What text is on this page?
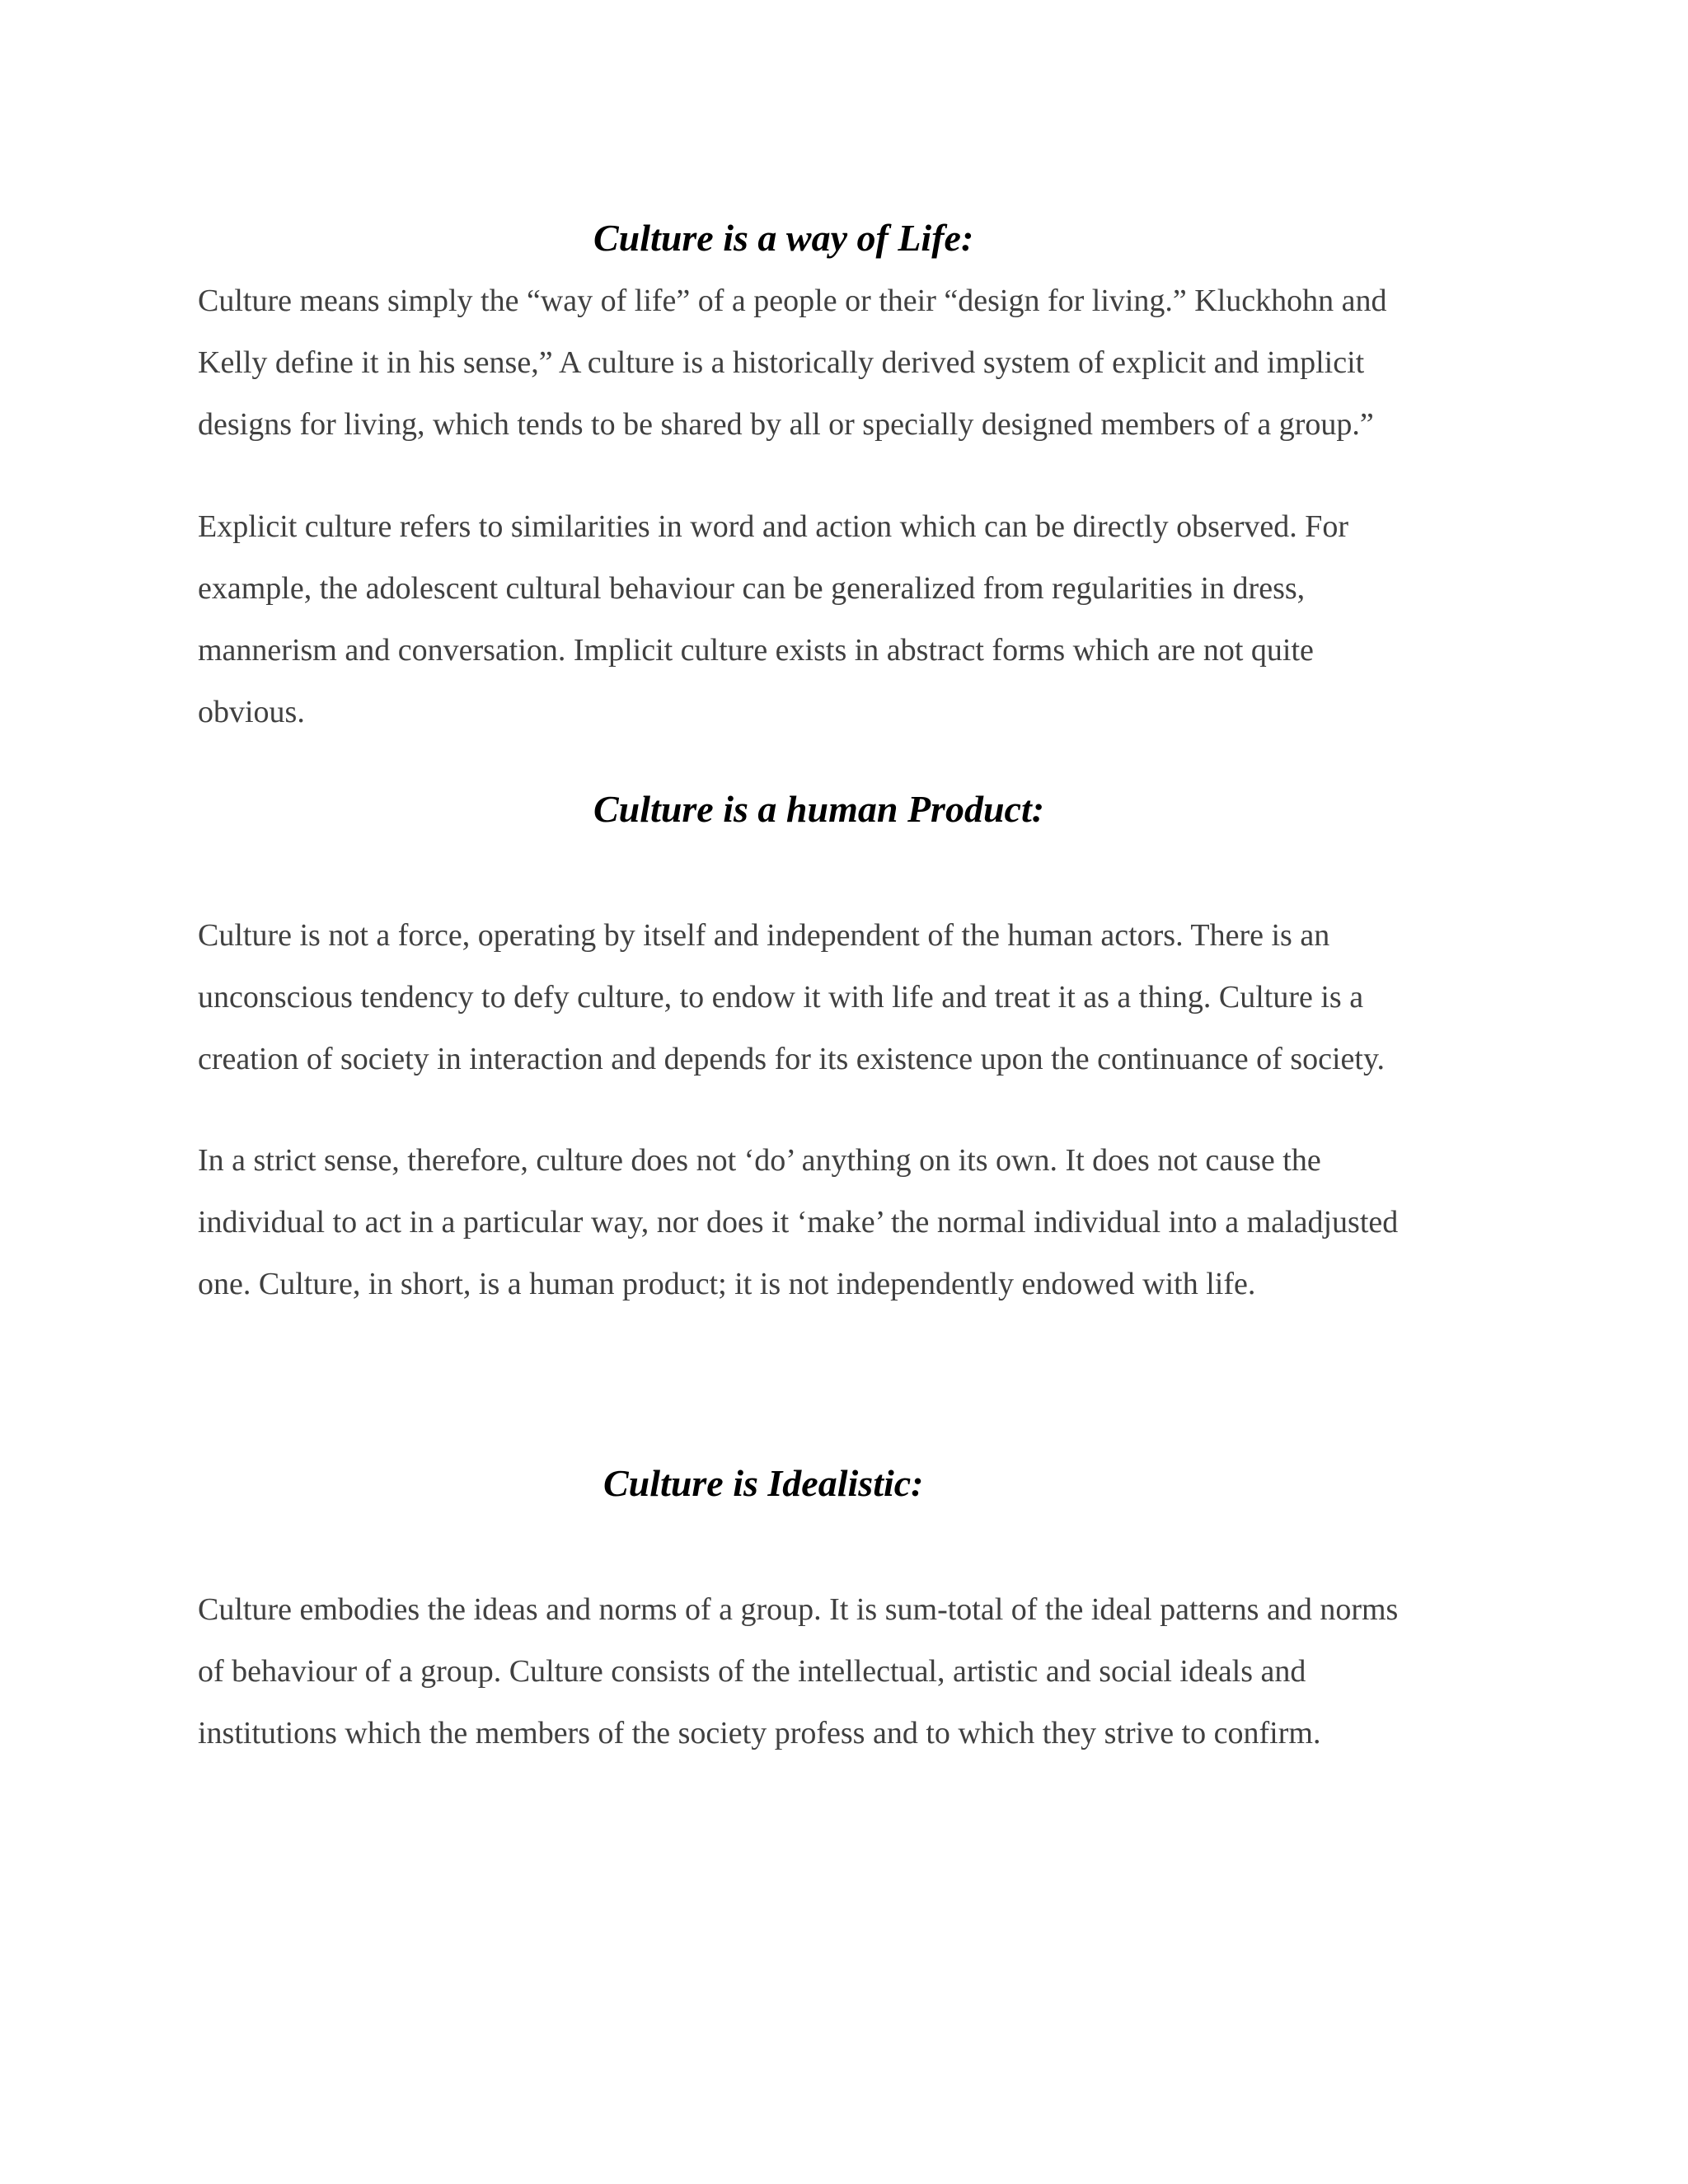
Culture is a way of Life:

Culture means simply the “way of life” of a people or their “design for living.” Kluckhohn and
Kelly define it in his sense,” A culture is a historically derived system of explicit and implicit
designs for living, which tends to be shared by all or specially designed members of a group.”

Explicit culture refers to similarities in word and action which can be directly observed. For
example, the adolescent cultural behaviour can be generalized from regularities in dress,
mannerism and conversation. Implicit culture exists in abstract forms which are not quite
obvious.

Culture is a human Product:

Culture is not a force, operating by itself and independent of the human actors. There is an
unconscious tendency to defy culture, to endow it with life and treat it as a thing. Culture is a
creation of society in interaction and depends for its existence upon the continuance of society.

In a strict sense, therefore, culture does not ‘do’ anything on its own. It does not cause the
individual to act in a particular way, nor does it ‘make’ the normal individual into a maladjusted
one. Culture, in short, is a human product; it is not independently endowed with life.

Culture is Idealistic:

Culture embodies the ideas and norms of a group. It is sum-total of the ideal patterns and norms
of behaviour of a group. Culture consists of the intellectual, artistic and social ideals and
institutions which the members of the society profess and to which they strive to confirm.
